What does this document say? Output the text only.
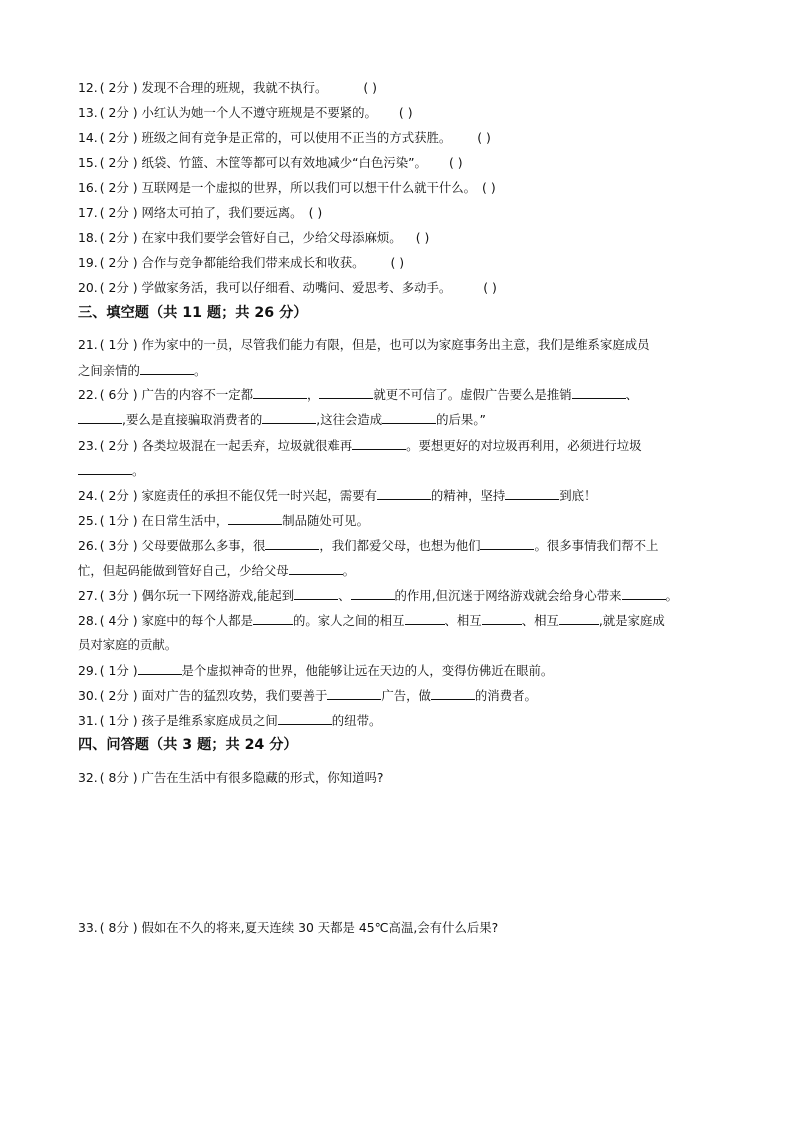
12. ( 2分 ) 发现不合理的班规，我就不执行。	( )
13. ( 2分 ) 小红认为她一个人不遵守班规是不要紧的。 ( )
14. ( 2分 ) 班级之间有竞争是正常的，可以使用不正当的方式获胜。 ( )
15. ( 2分 ) 纸袋、竹篮、木筐等都可以有效地减少“白色污染”。 ( )
16. ( 2分 ) 互联网是一个虚拟的世界，所以我们可以想干什么就干什么。 ( )
17. ( 2分 ) 网络太可拍了，我们要远离。 ( )
18. ( 2分 ) 在家中我们要学会管好自己，少给父母添麻烦。 ( )
19. ( 2分 ) 合作与竞争都能给我们带来成长和收获。 ( )
20. ( 2分 ) 学做家务活，我可以仔细看、动嘴问、爱思考、多动手。	( )
三、填空题（共 11 题；共 26 分）
21. ( 1分 ) 作为家中的一员，尽管我们能力有限，但是，也可以为家庭事务出主意，我们是维系家庭成员
之间亲情的	。
22. ( 6分 ) 广告的内容不一定都	，	就更不可信了。虚假广告要么是推销	、
,要么是直接骗取消费者的	,这往会造成	的后果。”
23. ( 2分 ) 各类垃圾混在一起丢弃，垃圾就很难再	。要想更好的对垃圾再利用，必须进行垃圾
。
24. ( 2分 ) 家庭责任的承担不能仅凭一时兴起，需要有	的精神，坚持	到底！
25. ( 1分 ) 在日常生活中，	制品随处可见。
26. ( 3分 ) 父母要做那么多事，很	，我们都爱父母，也想为他们	。很多事情我们帮不上
忙，但起码能做到管好自己，少给父母	。
27. ( 3分 ) 偶尔玩一下网络游戏,能起到	、	的作用,但沉迷于网络游戏就会给身心带来	。
28. ( 4分 ) 家庭中的每个人都是	的。家人之间的相互	、相互	、相互	,就是家庭成
员对家庭的贡献。
29. ( 1分 )	是个虚拟神奇的世界，他能够让远在天边的人，变得仿佛近在眼前。
30. ( 2分 ) 面对广告的猛烈攻势，我们要善于	广告，做	的消费者。
31. ( 1分 ) 孩子是维系家庭成员之间	的纽带。
四、问答题（共 3 题；共 24 分）
32. ( 8分 ) 广告在生活中有很多隐藏的形式，你知道吗?
33. ( 8分 ) 假如在不久的将来,夏天连续 30 天都是 45℃高温,会有什么后果?
